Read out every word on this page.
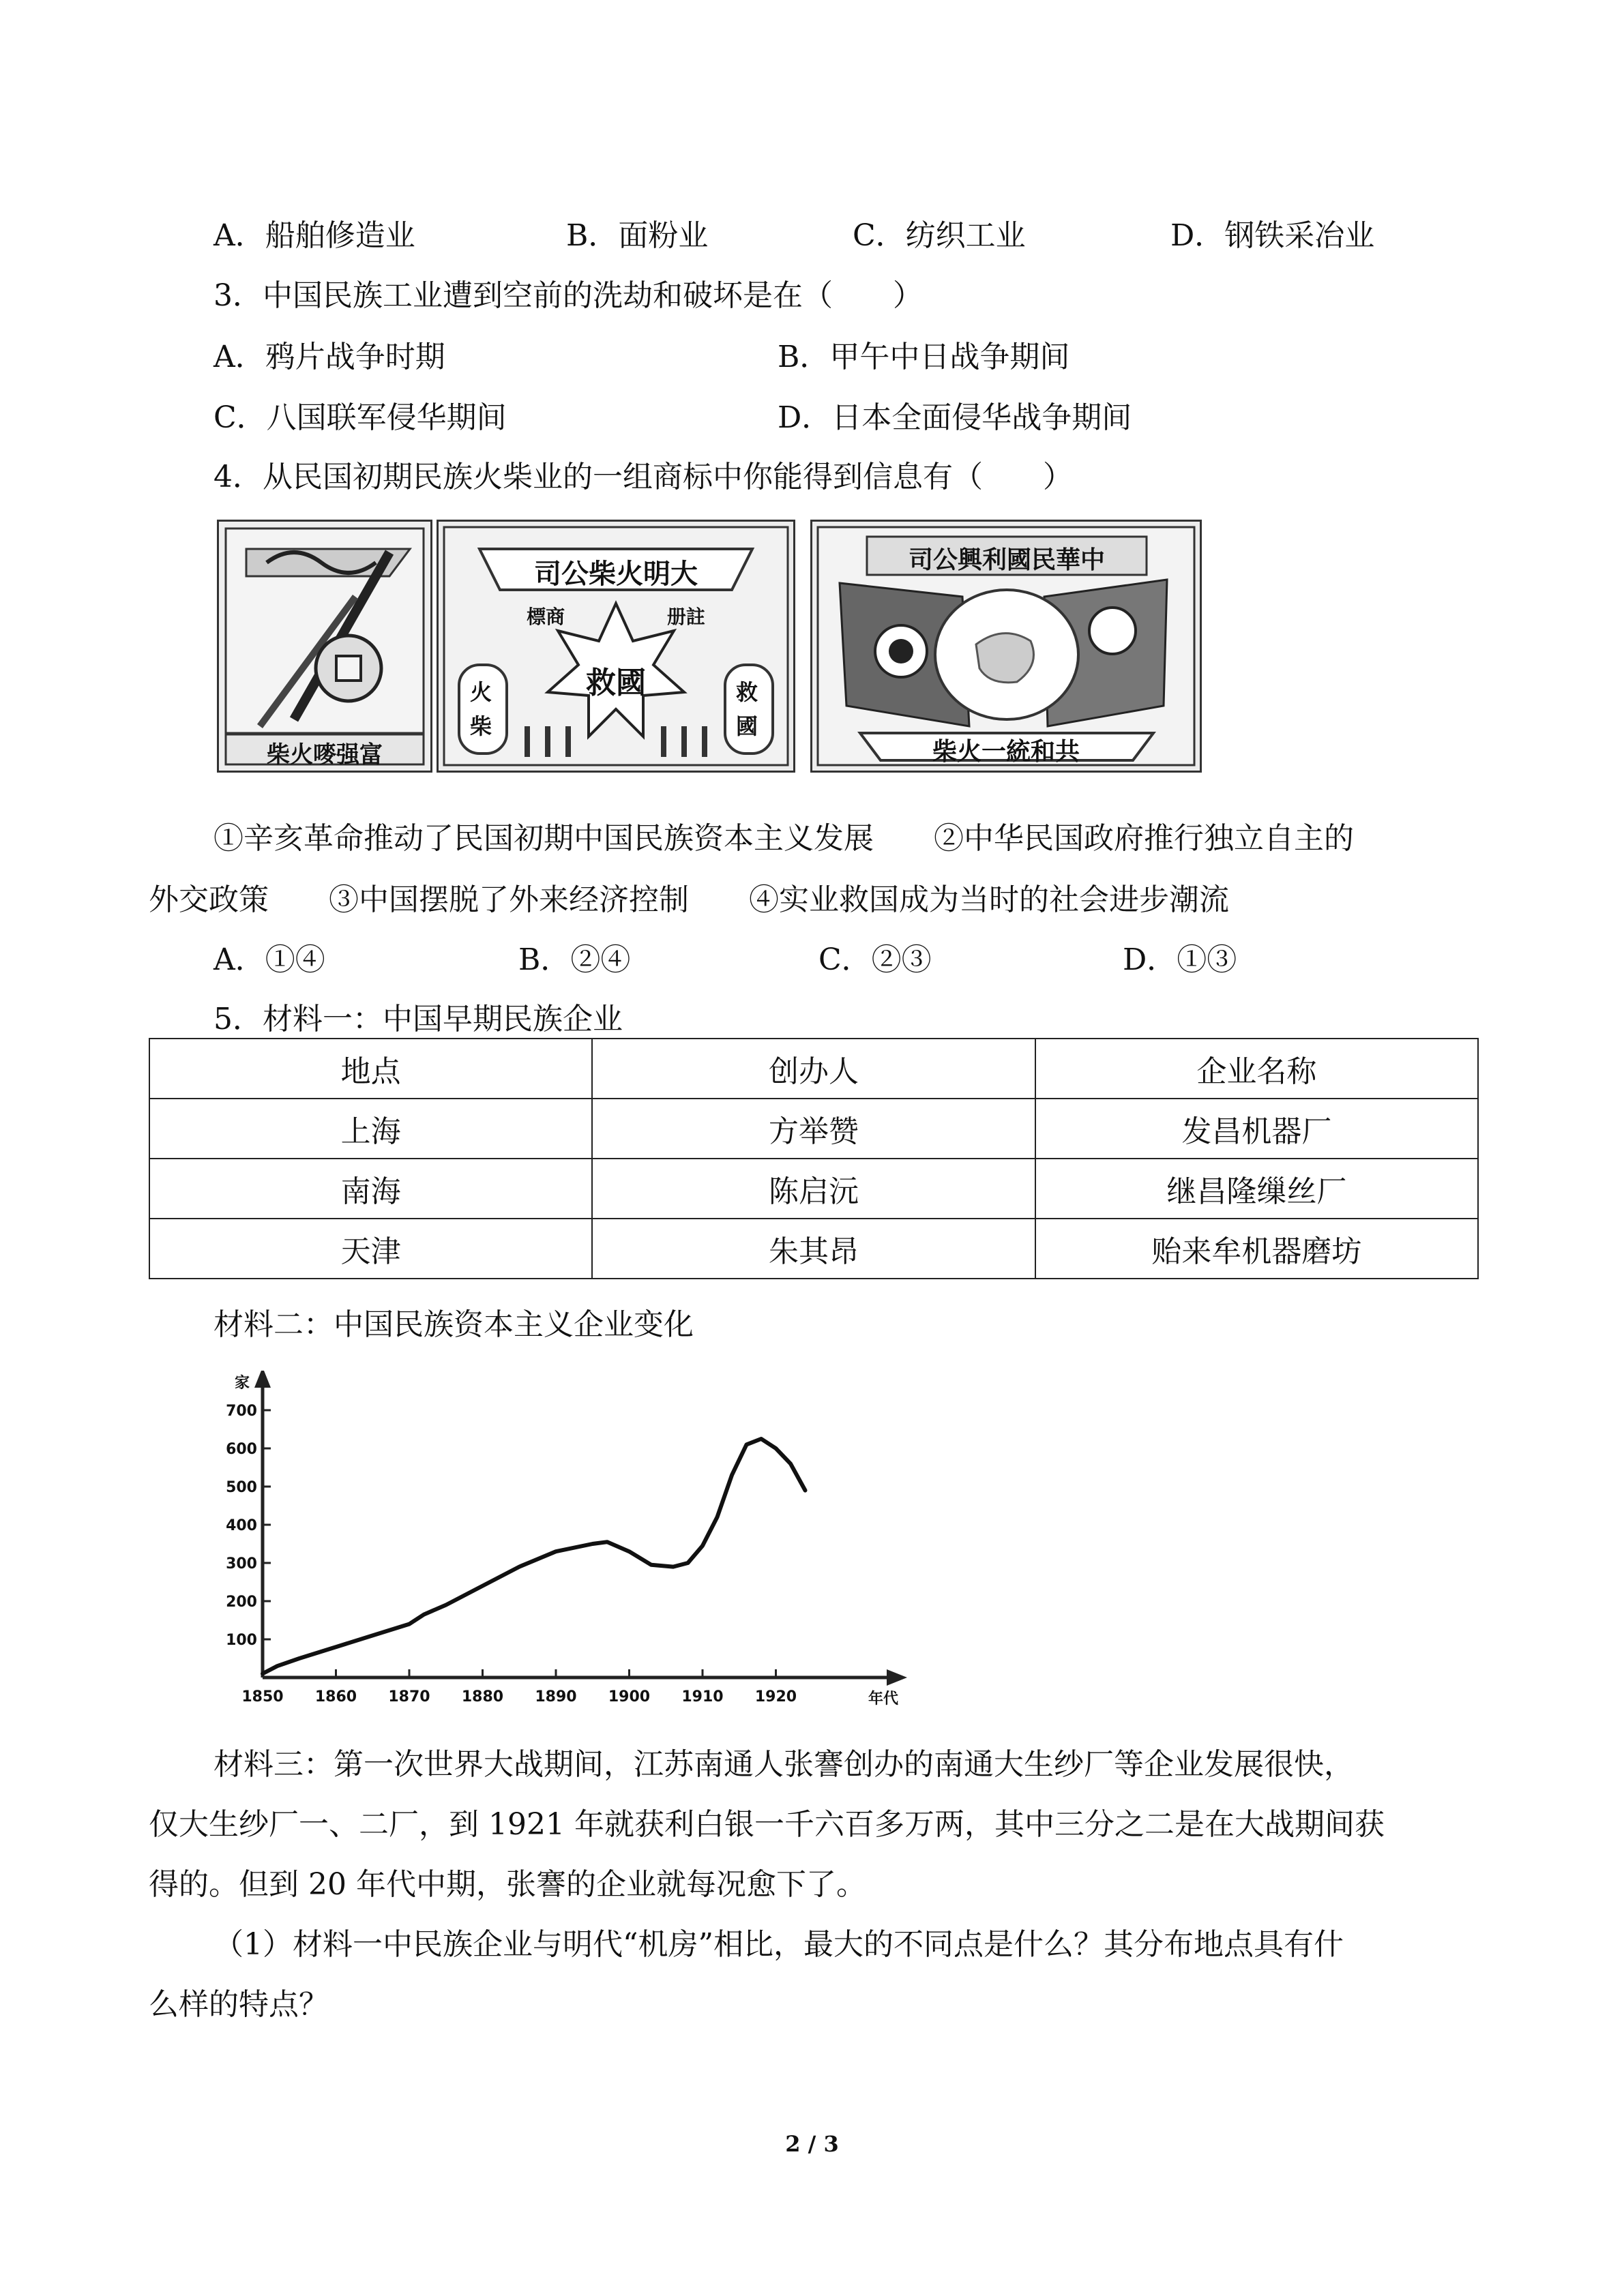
A．船舶修造业	B．面粉业	C．纺织工业	D．钢铁采冶业
3．中国民族工业遭到空前的洗劫和破坏是在（　　）
A．鸦片战争时期	B．甲午中日战争期间
C．八国联军侵华期间	D．日本全面侵华战争期间
4．从民国初期民族火柴业的一组商标中你能得到信息有（　　）
柴火嘜强富
司公柴火明大
標商 册註
救國
火柴
救國
司公興利國民華中
柴火一統和共
①辛亥革命推动了民国初期中国民族资本主义发展　　②中华民国政府推行独立自主的
外交政策　　③中国摆脱了外来经济控制　　④实业救国成为当时的社会进步潮流
A．①④	B．②④	C．②③	D．①③
5．材料一：中国早期民族企业
地点	创办人	企业名称
上海	方举赞	发昌机器厂
南海	陈启沅	继昌隆缫丝厂
天津	朱其昂	贻来牟机器磨坊
材料二：中国民族资本主义企业变化
100
200
300
400
500
600
700
1850 1860 1870 1880 1890 1900 1910 1920
家
年代
材料三：第一次世界大战期间，江苏南通人张謇创办的南通大生纱厂等企业发展很快，
仅大生纱厂一、二厂，到 1921 年就获利白银一千六百多万两，其中三分之二是在大战期间获
得的。但到 20 年代中期，张謇的企业就每况愈下了。
（1）材料一中民族企业与明代“机房”相比，最大的不同点是什么？其分布地点具有什
么样的特点？
2 / 3
